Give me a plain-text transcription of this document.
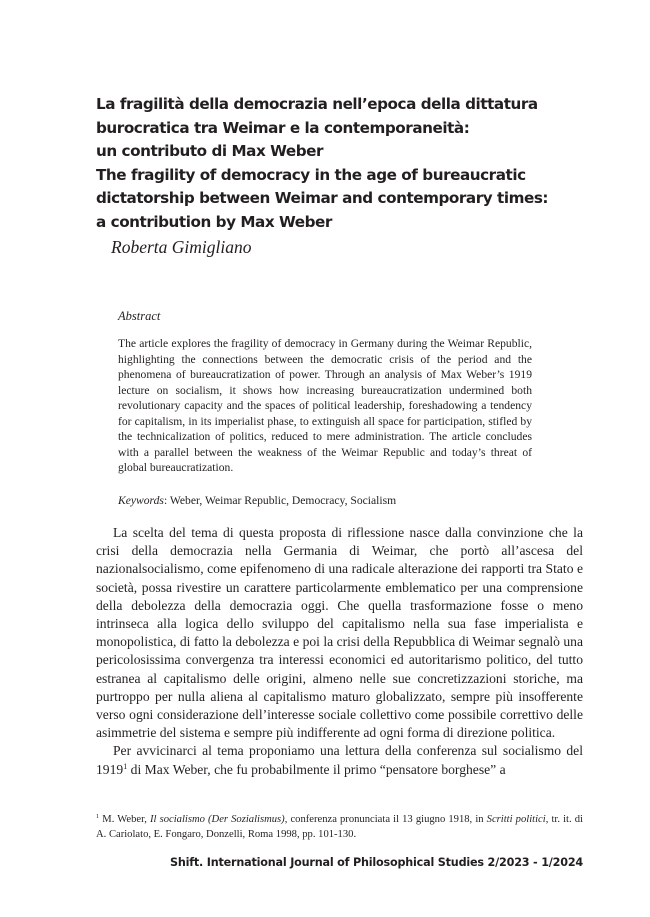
La fragilità della democrazia nell’epoca della dittatura
burocratica tra Weimar e la contemporaneità:
un contributo di Max Weber
The fragility of democracy in the age of bureaucratic
dictatorship between Weimar and contemporary times:
a contribution by Max Weber
Roberta Gimigliano
Abstract

The article explores the fragility of democracy in Germany during the Weimar Republic, highlighting the connections between the democratic crisis of the period and the phenomena of bureaucratization of power. Through an analysis of Max Weber’s 1919 lecture on socialism, it shows how increasing bureaucratization undermined both revolutionary capacity and the spaces of political leadership, foreshadowing a tendency for capitalism, in its imperialist phase, to extinguish all space for participation, stifled by the technicalization of politics, reduced to mere administration. The article concludes with a parallel between the weakness of the Weimar Republic and today’s threat of global bureaucratization.

Keywords: Weber, Weimar Republic, Democracy, Socialism

La scelta del tema di questa proposta di riflessione nasce dalla convinzione che la crisi della democrazia nella Germania di Weimar, che portò all’ascesa del nazionalsocialismo, come epifenomeno di una radicale alterazione dei rapporti tra Stato e società, possa rivestire un carattere particolarmente emblematico per una comprensione della debolezza della democrazia oggi. Che quella trasformazione fosse o meno intrinseca alla logica dello sviluppo del capitalismo nella sua fase imperialista e monopolistica, di fatto la debolezza e poi la crisi della Repubblica di Weimar segnalò una pericolosissima convergenza tra interessi economici ed autoritarismo politico, del tutto estranea al capitalismo delle origini, almeno nelle sue concretizzazioni storiche, ma purtroppo per nulla aliena al capitalismo maturo globalizzato, sempre più insofferente verso ogni considerazione dell’interesse sociale collettivo come possibile correttivo delle asimmetrie del sistema e sempre più indifferente ad ogni forma di direzione politica.

Per avvicinarci al tema proponiamo una lettura della conferenza sul socialismo del 1919$^1$ di Max Weber, che fu probabilmente il primo “pensatore borghese” a

$^1$ M. Weber, Il socialismo (Der Sozialismus), conferenza pronunciata il 13 giugno 1918, in Scritti politici, tr. it. di A. Cariolato, E. Fongaro, Donzelli, Roma 1998, pp. 101-130.
Shift. International Journal of Philosophical Studies 2/2023 - 1/2024
